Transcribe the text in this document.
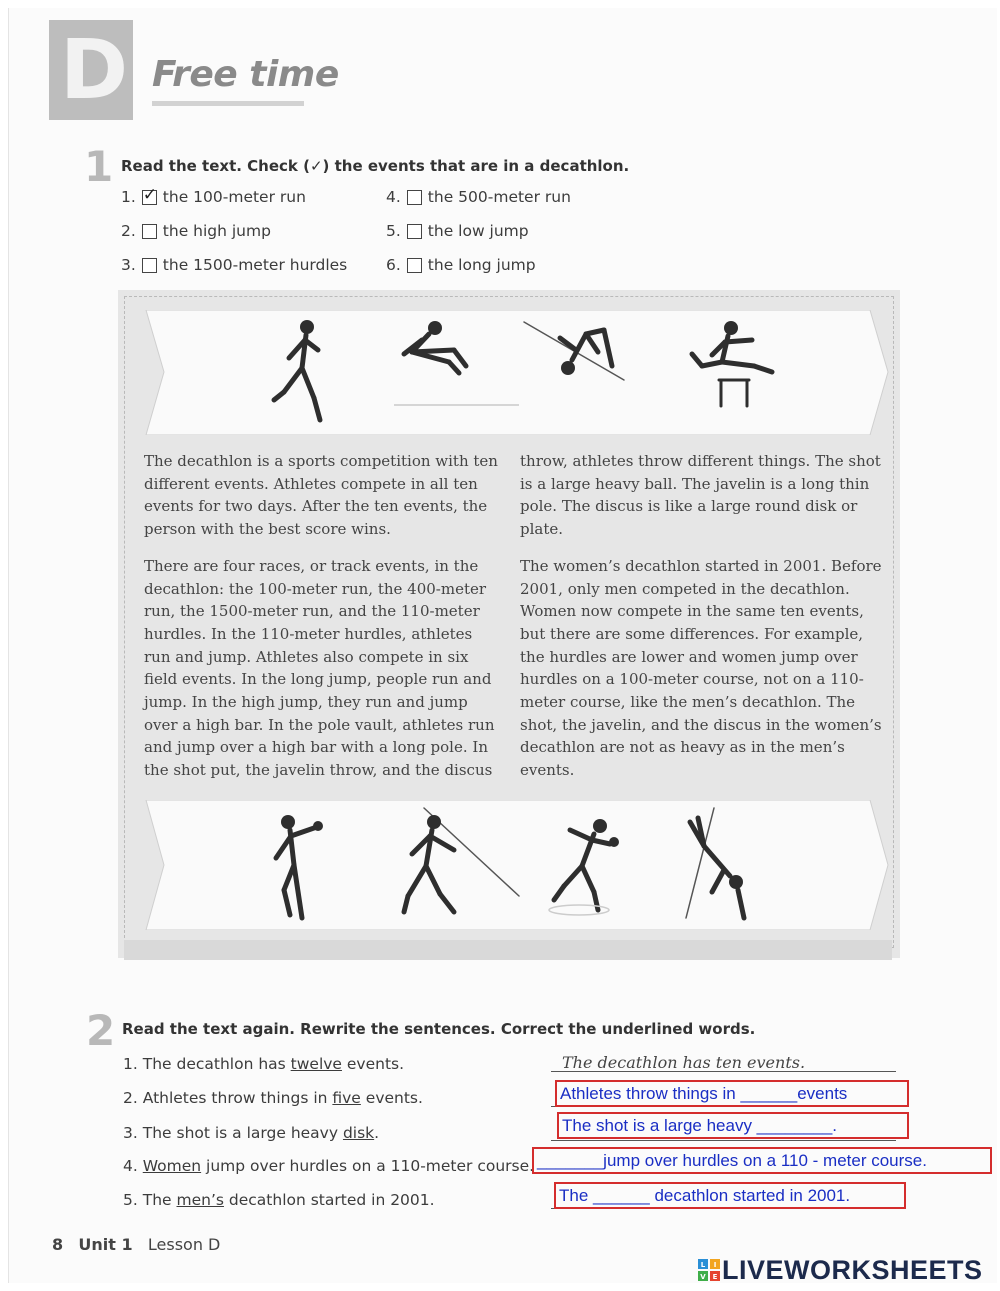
D Free time
1 Read the text. Check (✓) the events that are in a decathlon.
1.
✓ the 100-meter run
2. the high jump
3. the 1500-meter hurdles
4. the 500-meter run
5. the low jump
6. the long jump

The decathlon is a sports competition with ten different events. Athletes compete in all ten events for two days. After the ten events, the person with the best score wins.

There are four races, or track events, in the decathlon: the 100-meter run, the 400-meter run, the 1500-meter run, and the 110-meter hurdles. In the 110-meter hurdles, athletes run and jump. Athletes also compete in six field events. In the long jump, people run and jump. In the high jump, they run and jump over a high bar. In the pole vault, athletes run and jump over a high bar with a long pole. In the shot put, the javelin throw, and the discus

throw, athletes throw different things. The shot is a large heavy ball. The javelin is a long thin pole. The discus is like a large round disk or plate.

The women’s decathlon started in 2001. Before 2001, only men competed in the decathlon. Women now compete in the same ten events, but there are some differences. For example, the hurdles are lower and women jump over hurdles on a 100-meter course, not on a 110-meter course, like the men’s decathlon. The shot, the javelin, and the discus in the women’s decathlon are not as heavy as in the men’s events.

2 Read the text again. Rewrite the sentences. Correct the underlined words.
1. The decathlon has twelve events.
2. Athletes throw things in five events.
3. The shot is a large heavy disk.
4. Women jump over hurdles on a 110-meter course.
5. The men’s decathlon started in 2001.
The decathlon has ten events.
Athletes throw things in ______events
The shot is a large heavy ________.
_______jump over hurdles on a 110 - meter course.
The ______ decathlon started in 2001.
8 Unit 1 Lesson D
L I
V E LIVEWORKSHEETS
